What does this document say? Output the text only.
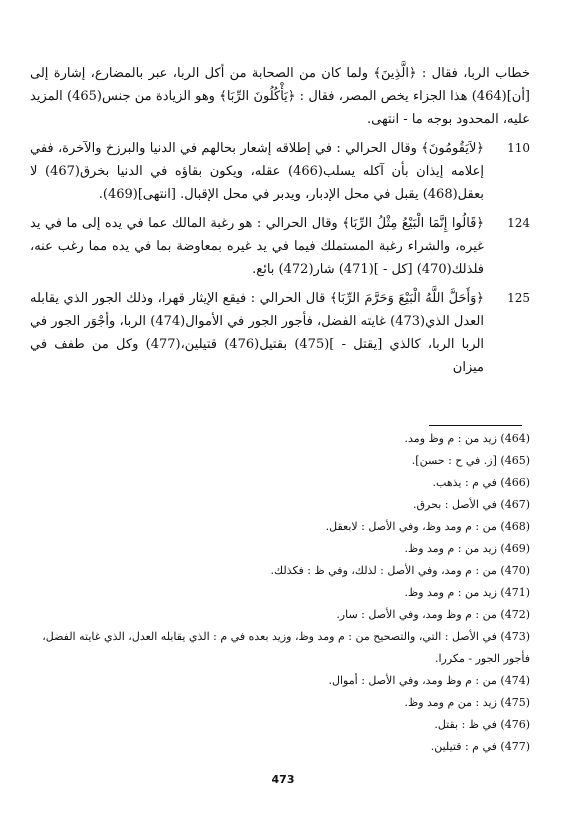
خطاب الربا، فقال : ﴿الَّذِينَ﴾ ولما كان من الصحابة من أكل الربا، عبر بالمضارع، إشارة إلى [أن](464) هذا الجزاء يخص المصر، فقال : ﴿يَأْكُلُونَ الرِّبَا﴾ وهو الزيادة من جنس(465) المزيد عليه، المحدود بوجه ما - انتهى.
110
﴿لاَيَقُومُونَ﴾ وقال الحرالي : في إطلاقه إشعار بحالهم في الدنيا والبرزخ والآخرة، ففي إعلامه إيذان بأن آكله يسلب(466) عقله، ويكون بقاؤه في الدنيا بخرق(467) لا بعقل(468) يقبل في محل الإدبار، ويدبر في محل الإقبال. [انتهى](469).
124
﴿قَالُوا إِنَّمَا الْبَيْعُ مِثْلُ الرِّبَا﴾ وقال الحرالي : هو رغبة المالك عما في يده إلى ما في يد غيره، والشراء رغبة المستملك فيما في يد غيره بمعاوضة بما في يده مما رغب عنه، فلذلك(470) [كل - ](471) شار(472) بائع.
125
﴿وَأَحَلَّ اللَّهُ الْبَيْعَ وَحَرَّمَ الرِّبَا﴾ قال الحرالي : فيقع الإيثار قهرا، وذلك الجور الذي يقابله العدل الذي(473) غايته الفضل، فأجور الجور في الأموال(474) الربا، وأجْوَر الجور في الربا الربا، كالذي [يقتل - ](475) بقتيل(476) قتيلين،(477) وكل من طفف في ميزان
(464) زيد من : م وظ ومد.
(465) [ز. في ح : حسن].
(466) في م : يذهب.
(467) في الأصل : بحرق.
(468) من : م ومد وظ، وفي الأصل : لابعقل.
(469) زيد من : م ومد وظ.
(470) من : م ومد، وفي الأصل : لذلك، وفي ظ : فكذلك.
(471) زيد من : م ومد وظ.
(472) من : م وظ ومد، وفي الأصل : سار.
(473) في الأصل : التي، والتصحيح من : م ومد وظ، وزيد بعده في م : الذي يقابله العدل، الذي غايته الفضل، فأجور الجور - مكررا.
(474) من : م وظ ومد، وفي الأصل : أموال.
(475) زيد : من م ومد وظ.
(476) في ظ : بقتل.
(477) في م : قتيلين.
473
